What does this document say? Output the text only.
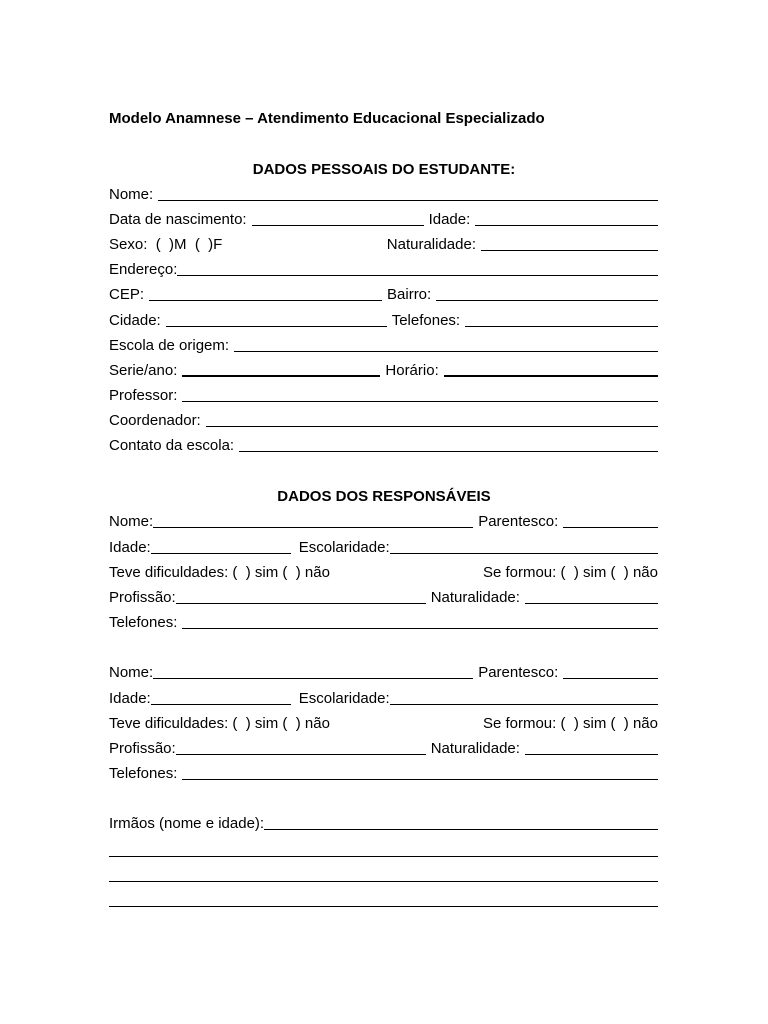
Modelo Anamnese – Atendimento Educacional Especializado
DADOS PESSOAIS DO ESTUDANTE:
Nome:
Data de nascimento:	Idade:
Sexo:  (  )M  (  )F	Naturalidade:
Endereço:
CEP:	Bairro:
Cidade:	Telefones:
Escola de origem:
Serie/ano:	Horário:
Professor:
Coordenador:
Contato da escola:
DADOS DOS RESPONSÁVEIS
Nome:	Parentesco:
Idade:	Escolaridade:
Teve dificuldades: (  ) sim (  ) não	Se formou: (  ) sim (  ) não
Profissão:	Naturalidade:
Telefones:
Nome:	Parentesco:
Idade:	Escolaridade:
Teve dificuldades: (  ) sim (  ) não	Se formou: (  ) sim (  ) não
Profissão:	Naturalidade:
Telefones:
Irmãos (nome e idade):
